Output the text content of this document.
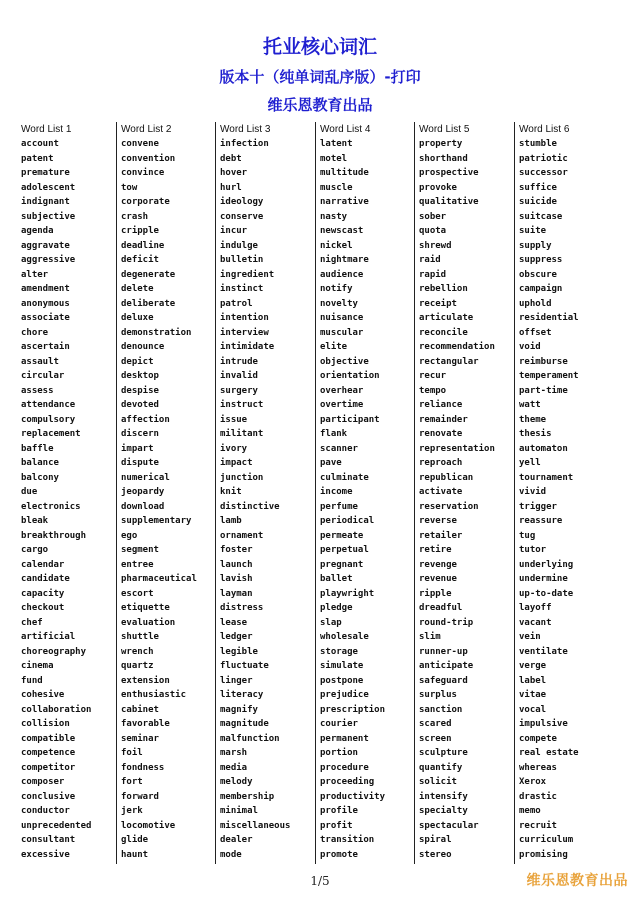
托业核心词汇
版本十（纯单词乱序版）-打印
维乐恩教育出品
Word List 1
account
patent
premature
adolescent
indignant
subjective
agenda
aggravate
aggressive
alter
amendment
anonymous
associate
chore
ascertain
assault
circular
assess
attendance
compulsory
replacement
baffle
balance
balcony
due
electronics
bleak
breakthrough
cargo
calendar
candidate
capacity
checkout
chef
artificial
choreography
cinema
fund
cohesive
collaboration
collision
compatible
competence
competitor
composer
conclusive
conductor
unprecedented
consultant
excessive
Word List 2
convene
convention
convince
tow
corporate
crash
cripple
deadline
deficit
degenerate
delete
deliberate
deluxe
demonstration
denounce
depict
desktop
despise
devoted
affection
discern
impart
dispute
numerical
jeopardy
download
supplementary
ego
segment
entree
pharmaceutical
escort
etiquette
evaluation
shuttle
wrench
quartz
extension
enthusiastic
cabinet
favorable
seminar
foil
fondness
fort
forward
jerk
locomotive
glide
haunt
Word List 3
infection
debt
hover
hurl
ideology
conserve
incur
indulge
bulletin
ingredient
instinct
patrol
intention
interview
intimidate
intrude
invalid
surgery
instruct
issue
militant
ivory
impact
junction
knit
distinctive
lamb
ornament
foster
launch
lavish
layman
distress
lease
ledger
legible
fluctuate
linger
literacy
magnify
magnitude
malfunction
marsh
media
melody
membership
minimal
miscellaneous
dealer
mode
Word List 4
latent
motel
multitude
muscle
narrative
nasty
newscast
nickel
nightmare
audience
notify
novelty
nuisance
muscular
elite
objective
orientation
overhear
overtime
participant
flank
scanner
pave
culminate
income
perfume
periodical
permeate
perpetual
pregnant
ballet
playwright
pledge
slap
wholesale
storage
simulate
postpone
prejudice
prescription
courier
permanent
portion
procedure
proceeding
productivity
profile
profit
transition
promote
Word List 5
property
shorthand
prospective
provoke
qualitative
sober
quota
shrewd
raid
rapid
rebellion
receipt
articulate
reconcile
recommendation
rectangular
recur
tempo
reliance
remainder
renovate
representation
reproach
republican
activate
reservation
reverse
retailer
retire
revenge
revenue
ripple
dreadful
round-trip
slim
runner-up
anticipate
safeguard
surplus
sanction
scared
screen
sculpture
quantify
solicit
intensify
specialty
spectacular
spiral
stereo
Word List 6
stumble
patriotic
successor
suffice
suicide
suitcase
suite
supply
suppress
obscure
campaign
uphold
residential
offset
void
reimburse
temperament
part-time
watt
theme
thesis
automaton
yell
tournament
vivid
trigger
reassure
tug
tutor
underlying
undermine
up-to-date
layoff
vacant
vein
ventilate
verge
label
vitae
vocal
impulsive
compete
real estate
whereas
Xerox
drastic
memo
recruit
curriculum
promising
1/5	维乐恩教育出品
